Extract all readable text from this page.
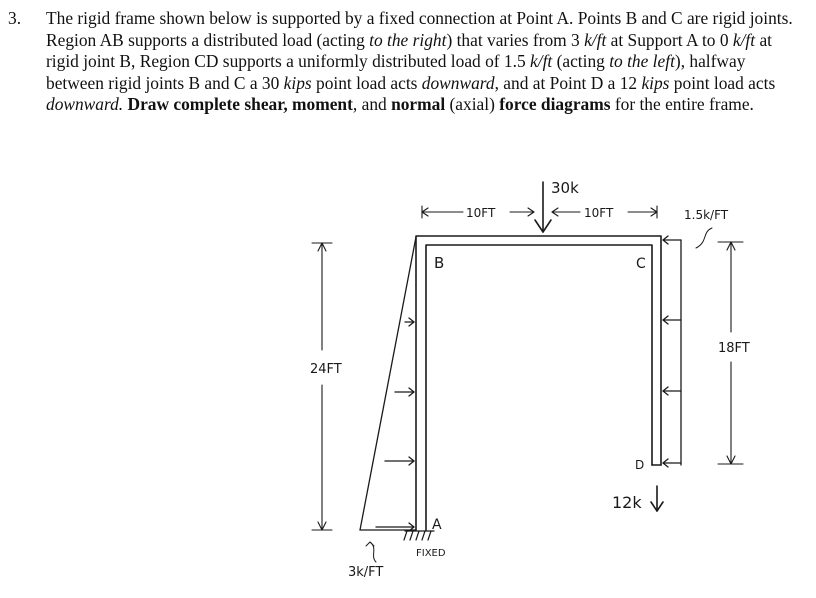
3. The rigid frame shown below is supported by a fixed connection at Point A. Points B and C are rigid joints. Region AB supports a distributed load (acting to the right) that varies from 3 k/ft at Support A to 0 k/ft at rigid joint B, Region CD supports a uniformly distributed load of 1.5 k/ft (acting to the left), halfway between rigid joints B and C a 30 kips point load acts downward, and at Point D a 12 kips point load acts downward. Draw complete shear, moment, and normal (axial) force diagrams for the entire frame.

B	C
D
A
FIXED
30k
12k
10FT	10FT	1.5k/FT
3k/FT
24FT
18FT
